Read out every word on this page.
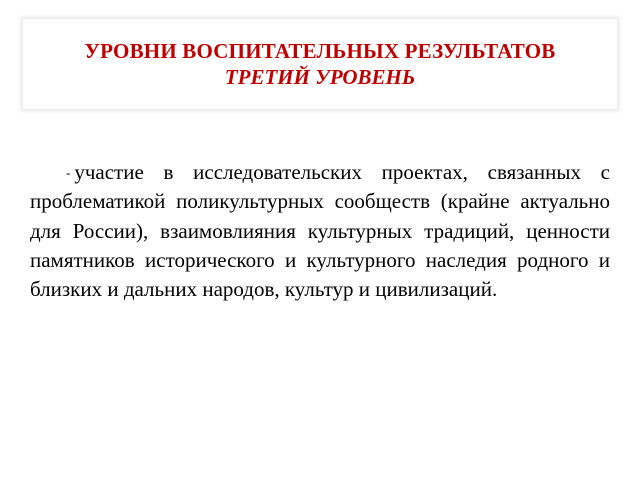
УРОВНИ ВОСПИТАТЕЛЬНЫХ РЕЗУЛЬТАТОВ
ТРЕТИЙ УРОВЕНЬ
- участие в исследовательских проектах, связанных с проблематикой поликультурных сообществ (крайне актуально для России), взаимовлияния культурных традиций, ценности памятников исторического и культурного наследия родного и близких и дальних народов, культур и цивилизаций.
